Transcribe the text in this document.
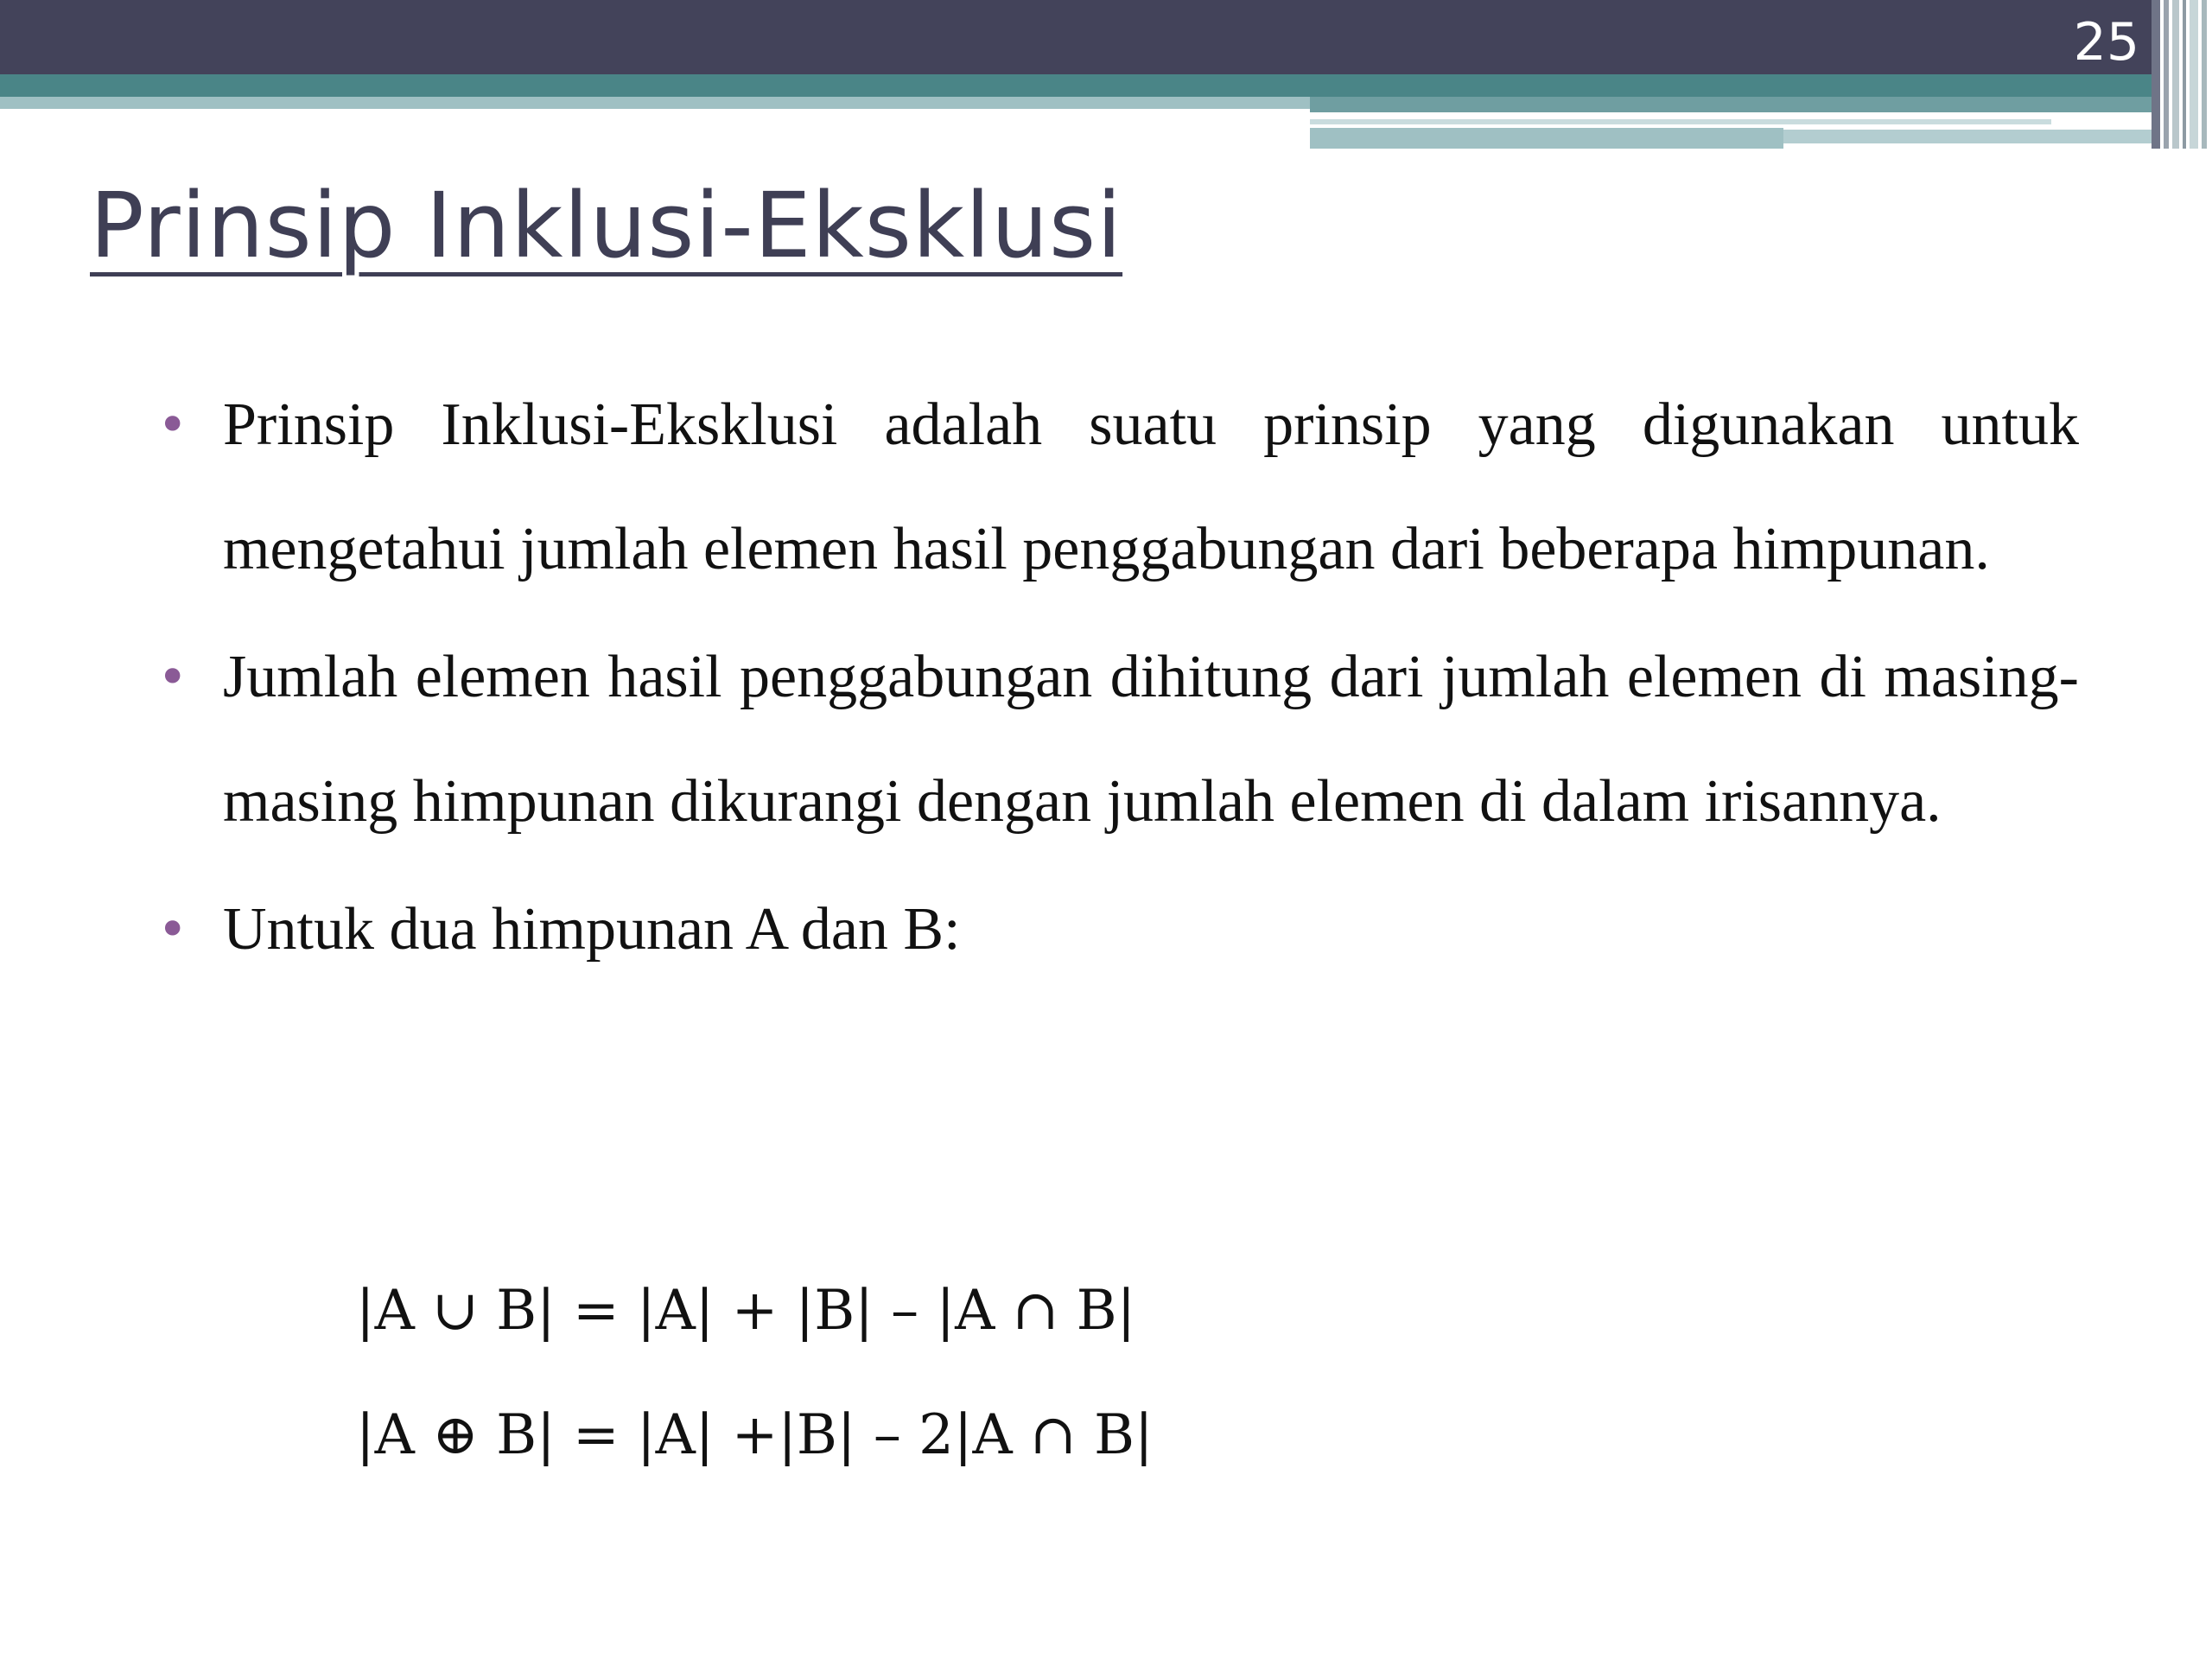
25
Prinsip Inklusi-Eksklusi
• Prinsip Inklusi-Eksklusi adalah suatu prinsip yang digunakan untuk mengetahui jumlah elemen hasil penggabungan dari beberapa himpunan.
• Jumlah elemen hasil penggabungan dihitung dari jumlah elemen di masing-masing himpunan dikurangi dengan jumlah elemen di dalam irisannya.
• Untuk dua himpunan A dan B:
|A ∪ B| = |A| + |B| – |A ∩ B|
|A ⊕ B| = |A| +|B| – 2|A ∩ B|
